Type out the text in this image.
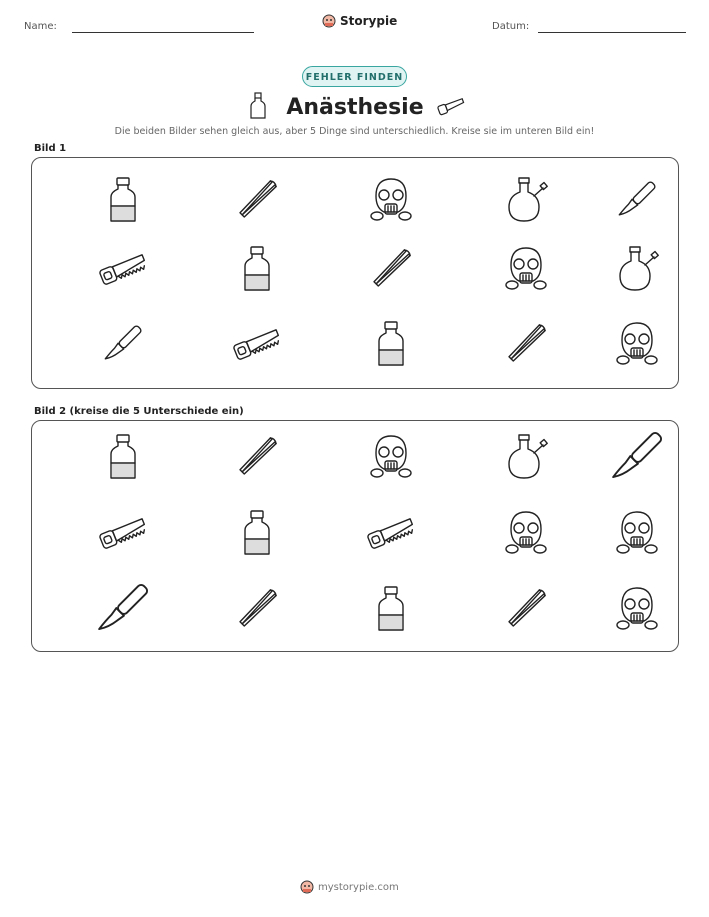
Name:	Storypie	Datum:
FEHLER FINDEN
Anästhesie
Die beiden Bilder sehen gleich aus, aber 5 Dinge sind unterschiedlich. Kreise sie im unteren Bild ein!
Bild 1
Bild 2 (kreise die 5 Unterschiede ein)
mystorypie.com
